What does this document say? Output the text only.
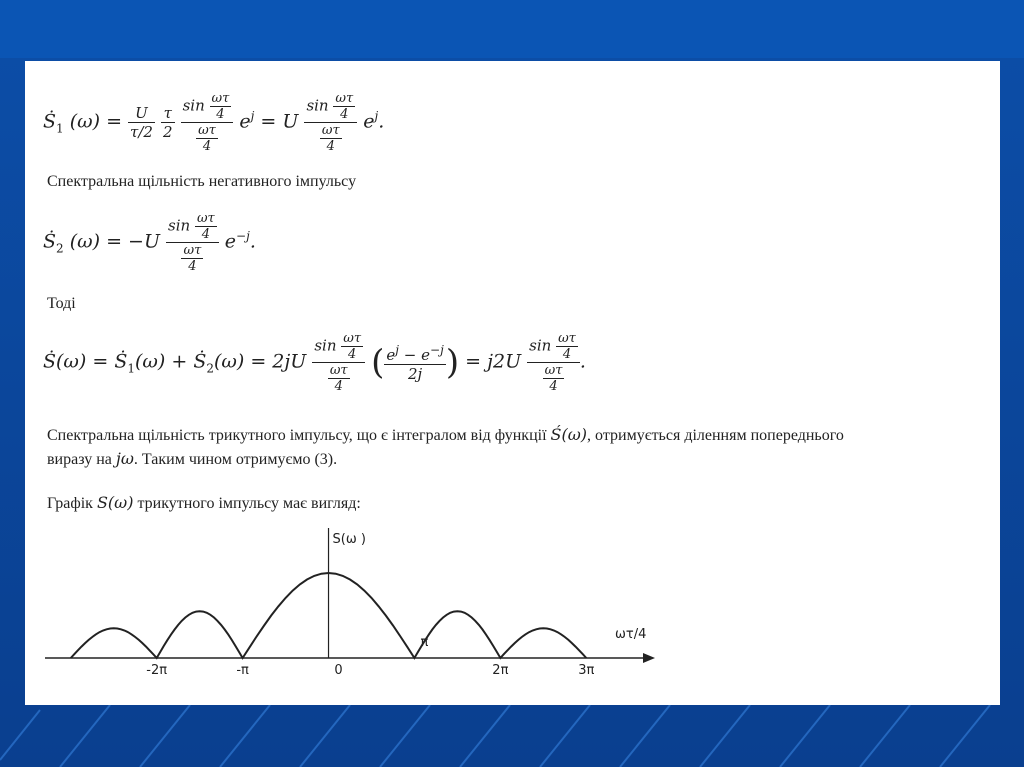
Ṡ$_1$ $(\omega) = \frac{U}{\tau/2}$
$\frac{\tau}{2}$
$\frac{\sin \frac{\omega\tau}{4}}{\frac{\omega\tau}{4}} e^j = U \frac{\sin \frac{\omega\tau}{4}}{\frac{\omega\tau}{4}} e^j$.
Спектральна щільність негативного імпульсу
Ṡ$_2$ $(\omega) = -U \frac{\sin \frac{\omega\tau}{4}}{\frac{\omega\tau}{4}} e^{-j}$.
Тоді
Ṡ(ω) = Ṡ$_1$(ω) + Ṡ$_2$(ω) = $2jU \frac{\sin \frac{\omega\tau}{4}}{\frac{\omega\tau}{4}}$ ( $\frac{e^j - e^{-j}}{2j}$ ) = $j2U \frac{\sin \frac{\omega\tau}{4}}{\frac{\omega\tau}{4}}$ .
Спектральна щільність трикутного імпульсу, що є інтегралом від функції Ś(ω), отримується діленням попереднього
виразу на jω. Таким чином отримуємо (3).
Графік S(ω) трикутного імпульсу має вигляд:
S(ω )
ωτ/4
-2π	-π	0
π
2π	3π
